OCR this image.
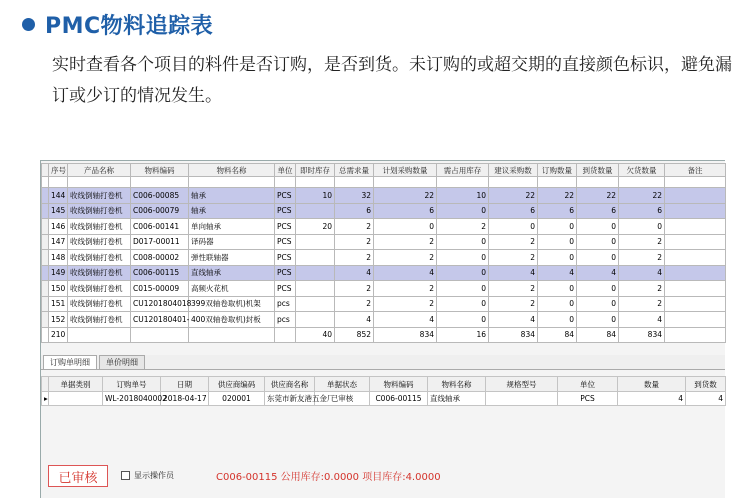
PMC物料追踪表
实时查看各个项目的料件是否订购，是否到货。未订购的或超交期的直接颜色标识，避免漏订或少订的情况发生。
	序号	产品名称	物料编码	物料名称	单位	即时库存	总需求量	计划采购数量	需占用库存	建议采购数	订购数量	到货数量	欠货数量	备注

	144	收线倒轴打卷机	C006-00085	轴承	PCS	10	32	22	10	22	22	22	22	
	145	收线倒轴打卷机	C006-00079	轴承	PCS		6	6	0	6	6	6	6	
	146	收线倒轴打卷机	C006-00141	单向轴承	PCS	20	2	0	2	0	0	0	0	
	147	收线倒轴打卷机	D017-00011	译码器	PCS		2	2	0	2	0	0	2	
	148	收线倒轴打卷机	C008-00002	弹性联轴器	PCS		2	2	0	2	0	0	2	
	149	收线倒轴打卷机	C006-00115	直线轴承	PCS		4	4	0	4	4	4	4	
	150	收线倒轴打卷机	C015-00009	高频火花机	PCS		2	2	0	2	0	0	2	
	151	收线倒轴打卷机	CU1201804018	399双轴卷取机)机架	pcs		2	2	0	2	0	0	2	
	152	收线倒轴打卷机	CU120180401-	400双轴卷取机)封板	pcs		4	4	0	4	0	0	4	
	210					40	852	834	16	834	84	84	834	
订购单明细	单价明细
	单据类别	订购单号	日期	供应商编码	供应商名称	单据状态	物料编码	物料名称	规格型号	单位	数量	到货数
▸		WL-2018040002	2018-04-17	020001	东莞市新友港五金厂	已审核	C006-00115	直线轴承		PCS	4	4
已审核	显示操作员	C006-00115 公用库存:0.0000 项目库存:4.0000
